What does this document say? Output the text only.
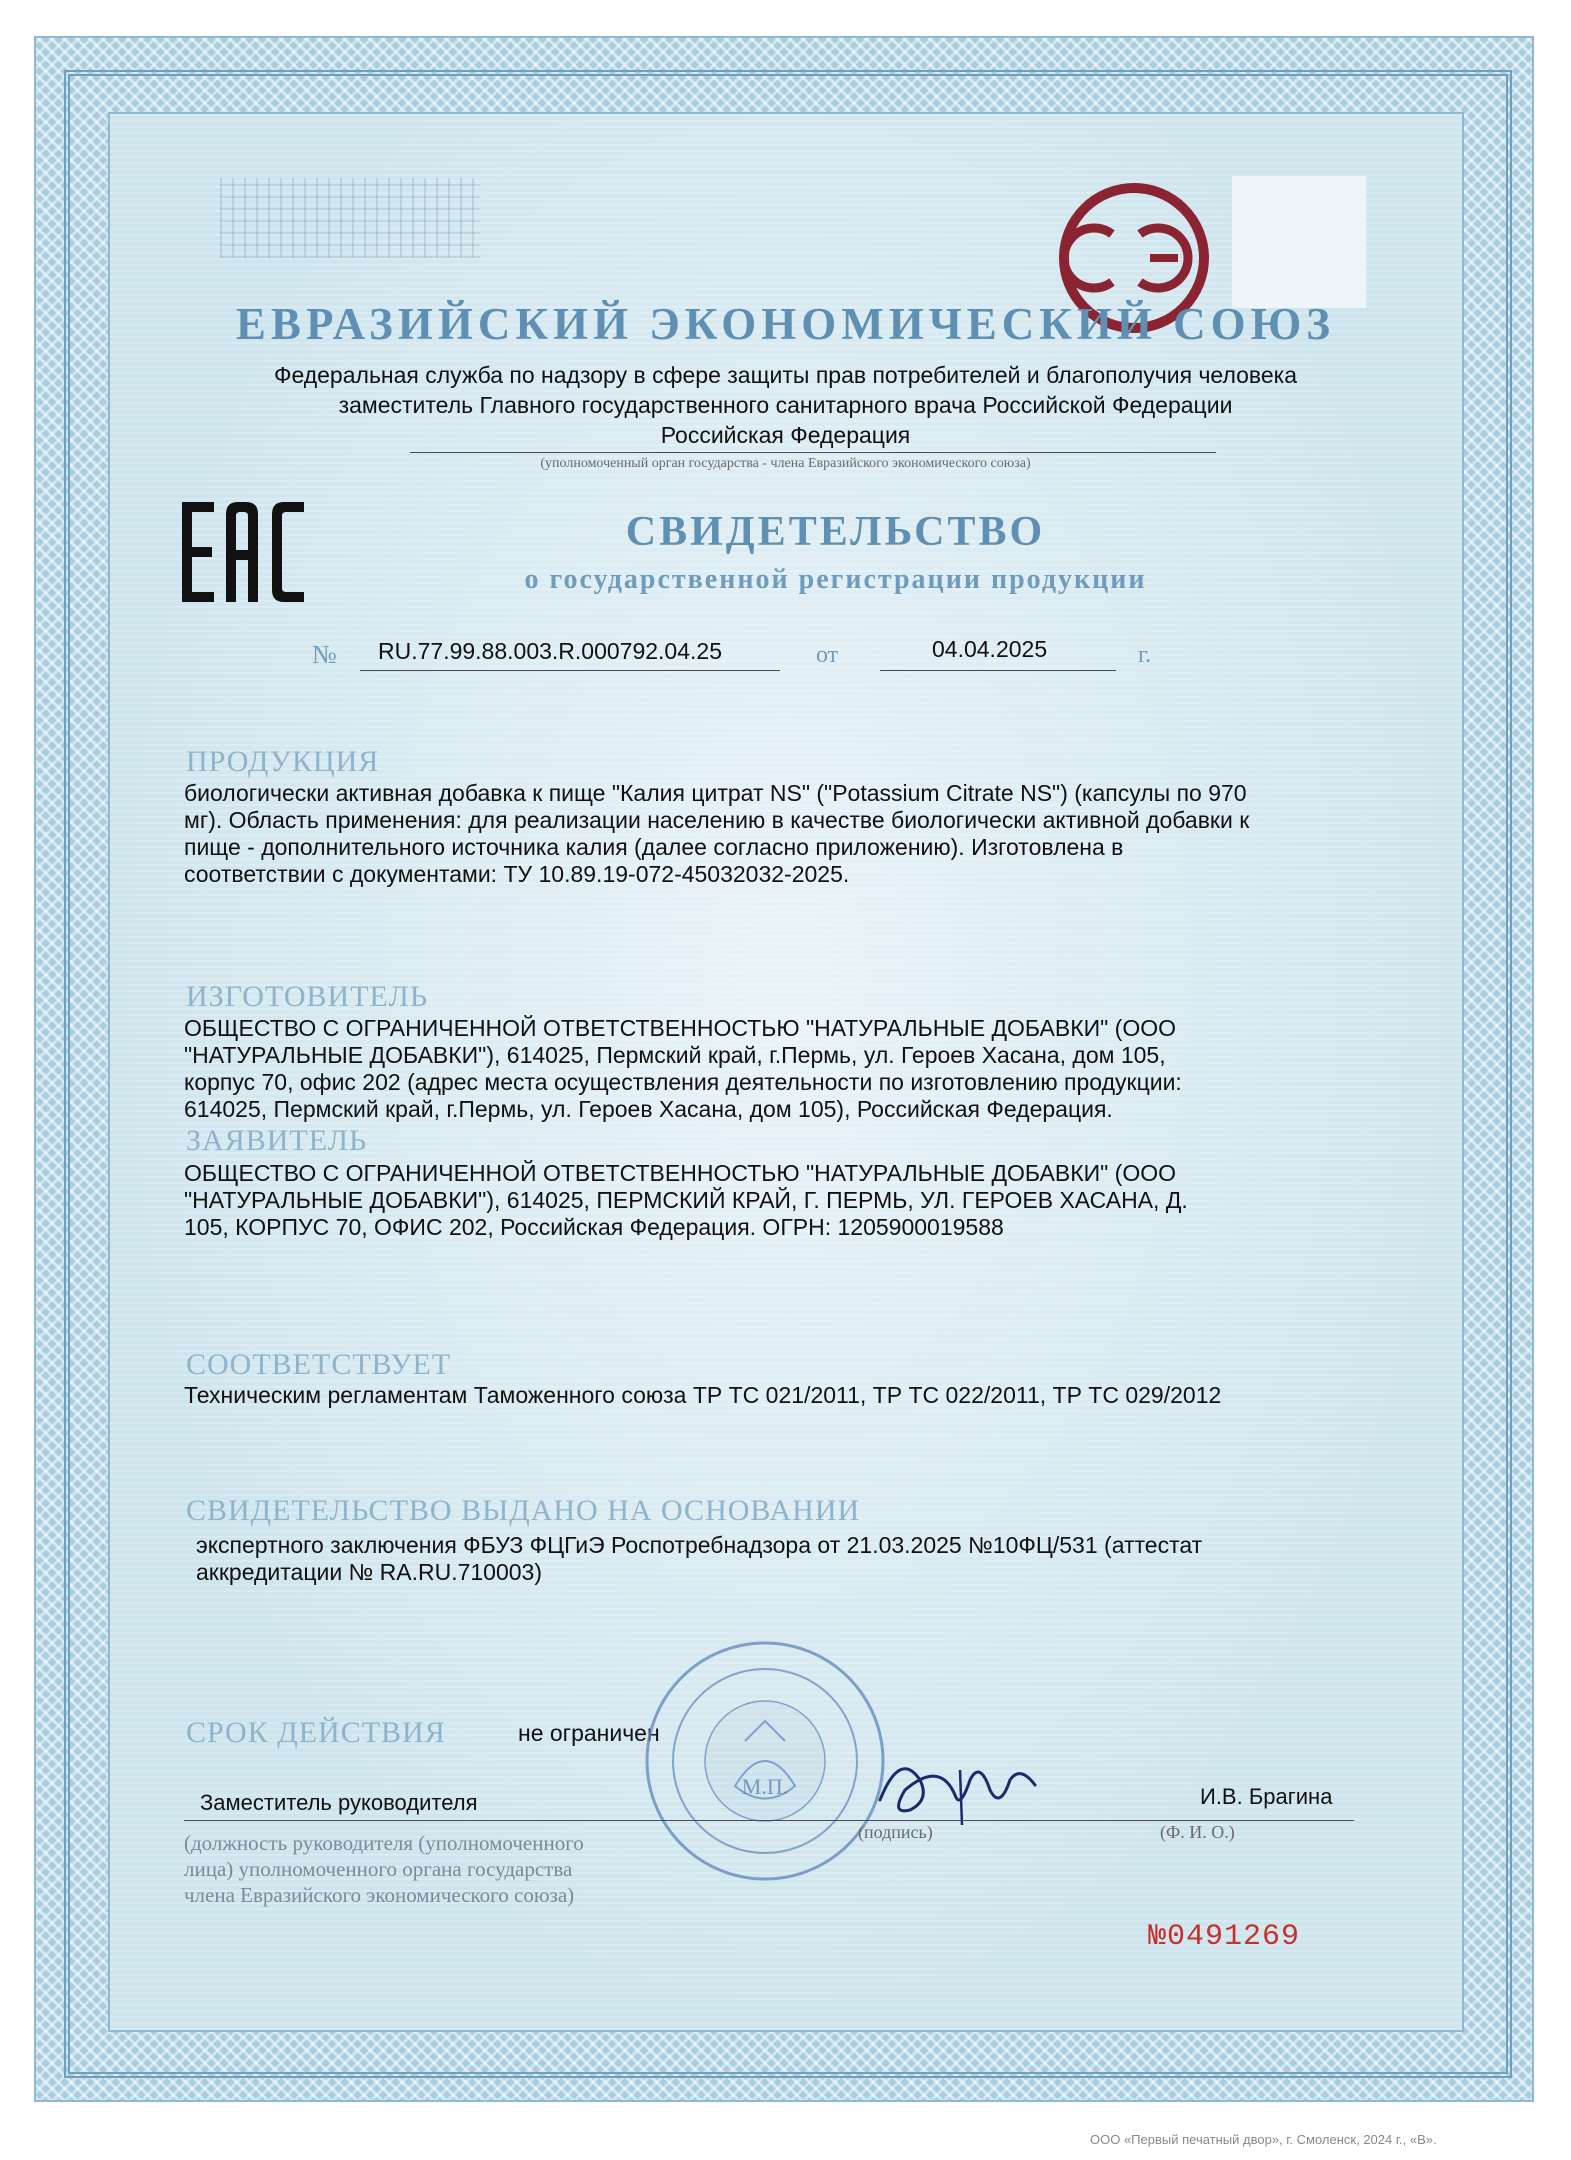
ЕВРАЗИЙСКИЙ ЭКОНОМИЧЕСКИЙ СОЮЗ
Федеральная служба по надзору в сфере защиты прав потребителей и благополучия человека
заместитель Главного государственного санитарного врача Российской Федерации
Российская Федерация
(уполномоченный орган государства - члена Евразийского экономического союза)
СВИДЕТЕЛЬСТВО
о государственной регистрации продукции
№ RU.77.99.88.003.R.000792.04.25	от	04.04.2025	г.
ПРОДУКЦИЯ
биологически активная добавка к пище "Калия цитрат NS" ("Potassium Citrate NS") (капсулы по 970
мг). Область применения: для реализации населению в качестве биологически активной добавки к
пище - дополнительного источника калия (далее согласно приложению). Изготовлена в
соответствии с документами: ТУ 10.89.19-072-45032032-2025.
ИЗГОТОВИТЕЛЬ
ОБЩЕСТВО С ОГРАНИЧЕННОЙ ОТВЕТСТВЕННОСТЬЮ "НАТУРАЛЬНЫЕ ДОБАВКИ" (ООО
"НАТУРАЛЬНЫЕ ДОБАВКИ"), 614025, Пермский край, г.Пермь, ул. Героев Хасана, дом 105,
корпус 70, офис 202 (адрес места осуществления деятельности по изготовлению продукции:
614025, Пермский край, г.Пермь, ул. Героев Хасана, дом 105), Российская Федерация.
ЗАЯВИТЕЛЬ
ОБЩЕСТВО С ОГРАНИЧЕННОЙ ОТВЕТСТВЕННОСТЬЮ "НАТУРАЛЬНЫЕ ДОБАВКИ" (ООО
"НАТУРАЛЬНЫЕ ДОБАВКИ"), 614025, ПЕРМСКИЙ КРАЙ, Г. ПЕРМЬ, УЛ. ГЕРОЕВ ХАСАНА, Д.
105, КОРПУС 70, ОФИС 202, Российская Федерация. ОГРН: 1205900019588
СООТВЕТСТВУЕТ
Техническим регламентам Таможенного союза ТР ТС 021/2011, ТР ТС 022/2011, ТР ТС 029/2012
СВИДЕТЕЛЬСТВО ВЫДАНО НА ОСНОВАНИИ
экспертного заключения ФБУЗ ФЦГиЭ Роспотребнадзора от 21.03.2025 №10ФЦ/531 (аттестат
аккредитации № RA.RU.710003)
СРОК ДЕЙСТВИЯ	не ограничен
М.П.
Заместитель руководителя	И.В. Брагина
(должность руководителя (уполномоченного
лица) уполномоченного органа государства
члена Евразийского экономического союза)
(подпись)	(Ф. И. О.)
№0491269
ООО «Первый печатный двор», г. Смоленск, 2024 г., «В».
